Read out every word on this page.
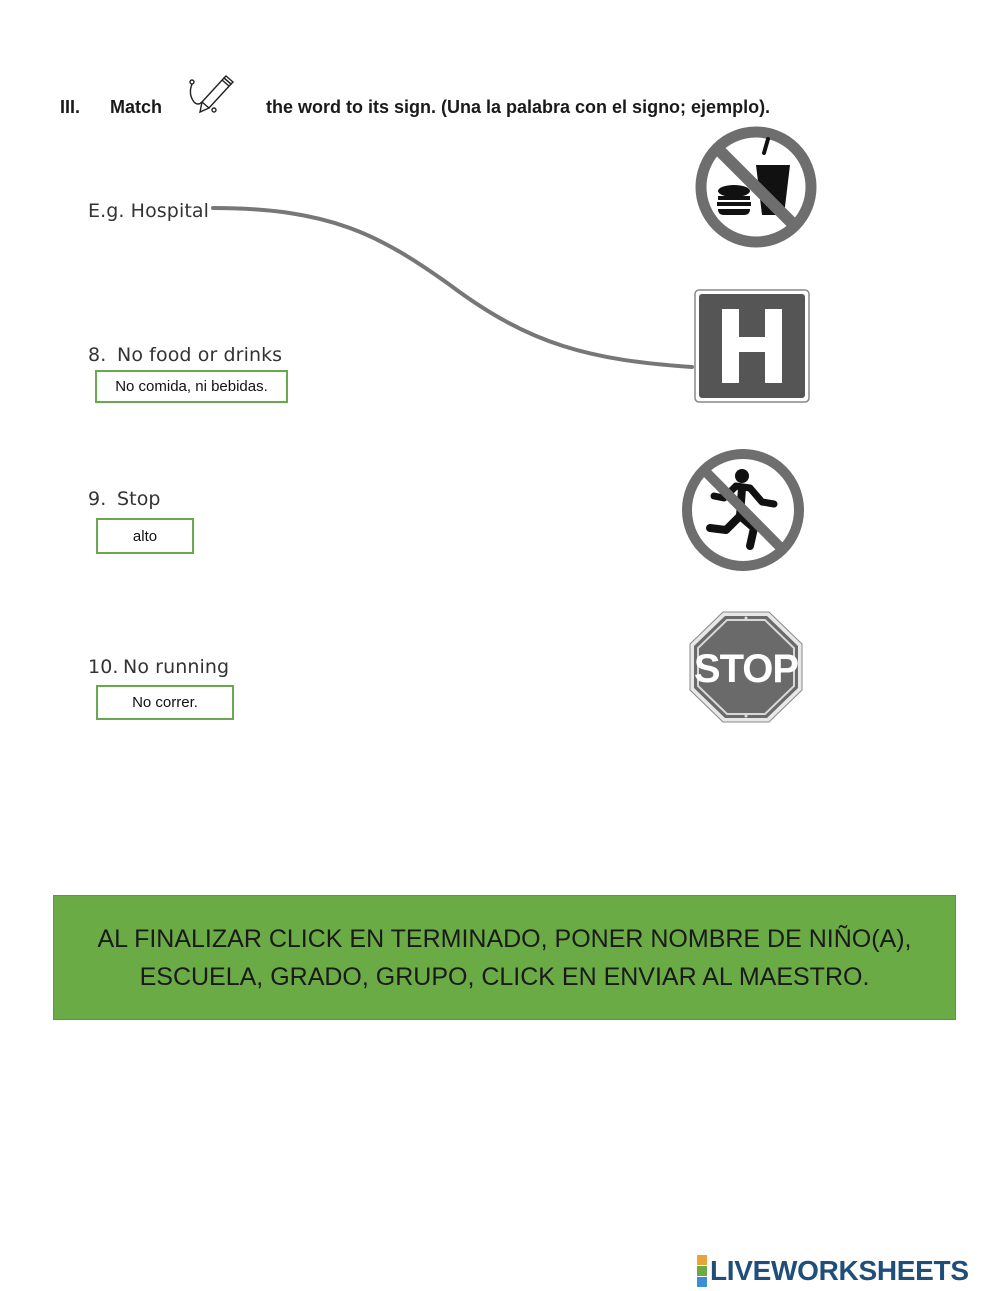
III. Match	the word to its sign. (Una la palabra con el signo; ejemplo).
E.g. Hospital
8. No food or drinks
No comida, ni bebidas.
9. Stop
alto
10. No running
No correr.
STOP
AL FINALIZAR CLICK EN TERMINADO, PONER NOMBRE DE NIÑO(A),
ESCUELA, GRADO, GRUPO, CLICK EN ENVIAR AL MAESTRO.
LIVEWORKSHEETS
